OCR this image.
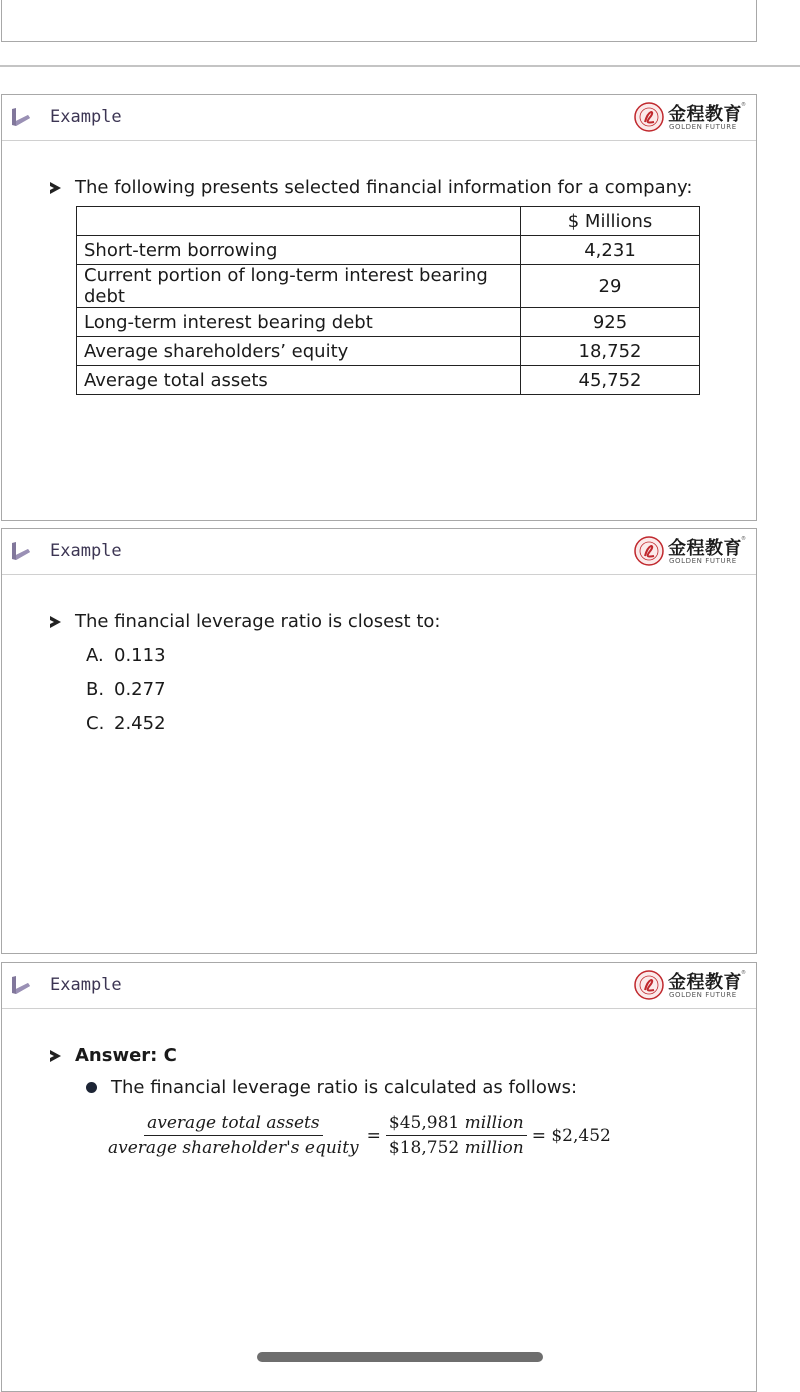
Example	金程教育
GOLDEN FUTURE
®
The following presents selected financial information for a company:
	$ Millions
Short-term borrowing	4,231
Current portion of long-term interest bearing debt	29
Long-term interest bearing debt	925
Average shareholders’ equity	18,752
Average total assets	45,752
Example	金程教育
GOLDEN FUTURE
®
The financial leverage ratio is closest to:
A. 0.113
B. 0.277
C. 2.452
Example	金程教育
GOLDEN FUTURE
®
Answer: C
The financial leverage ratio is calculated as follows:
$\frac{\text{average total assets}}{\text{average shareholder's equity}} = \frac{\text{\$45,981 million}}{\text{\$18,752 million}}$ = $2,452
